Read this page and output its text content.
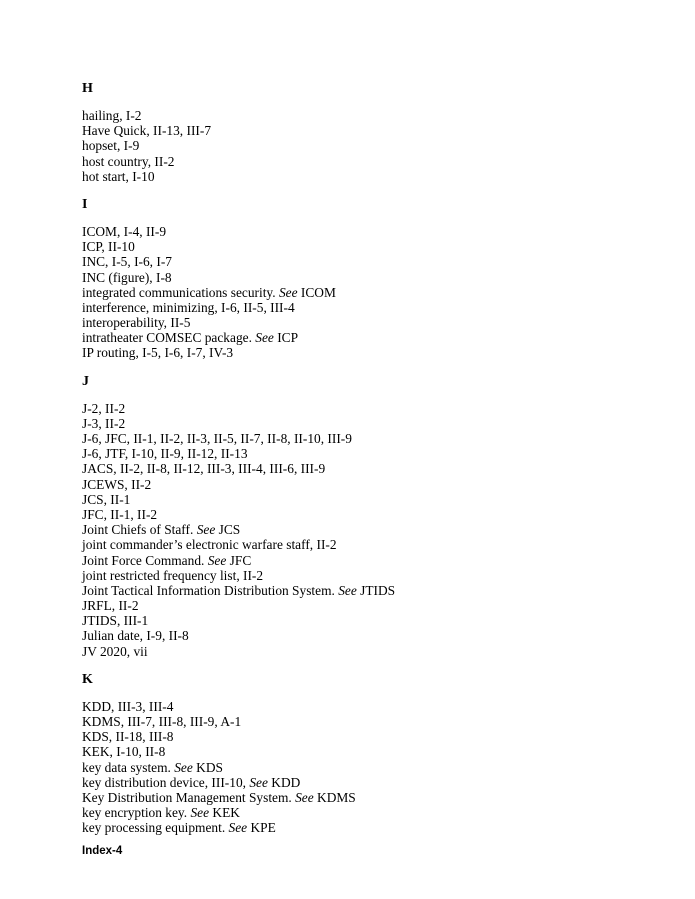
H
hailing, I-2
Have Quick, II-13, III-7
hopset, I-9
host country, II-2
hot start, I-10
I
ICOM, I-4, II-9
ICP, II-10
INC, I-5, I-6, I-7
INC (figure), I-8
integrated communications security. See ICOM
interference, minimizing, I-6, II-5, III-4
interoperability, II-5
intratheater COMSEC package. See ICP
IP routing, I-5, I-6, I-7, IV-3
J
J-2, II-2
J-3, II-2
J-6, JFC, II-1, II-2, II-3, II-5, II-7, II-8, II-10, III-9
J-6, JTF, I-10, II-9, II-12, II-13
JACS, II-2, II-8, II-12, III-3, III-4, III-6, III-9
JCEWS, II-2
JCS, II-1
JFC, II-1, II-2
Joint Chiefs of Staff. See JCS
joint commander’s electronic warfare staff, II-2
Joint Force Command. See JFC
joint restricted frequency list, II-2
Joint Tactical Information Distribution System. See JTIDS
JRFL, II-2
JTIDS, III-1
Julian date, I-9, II-8
JV 2020, vii
K
KDD, III-3, III-4
KDMS, III-7, III-8, III-9, A-1
KDS, II-18, III-8
KEK, I-10, II-8
key data system. See KDS
key distribution device, III-10, See KDD
Key Distribution Management System. See KDMS
key encryption key. See KEK
key processing equipment. See KPE
Index-4
